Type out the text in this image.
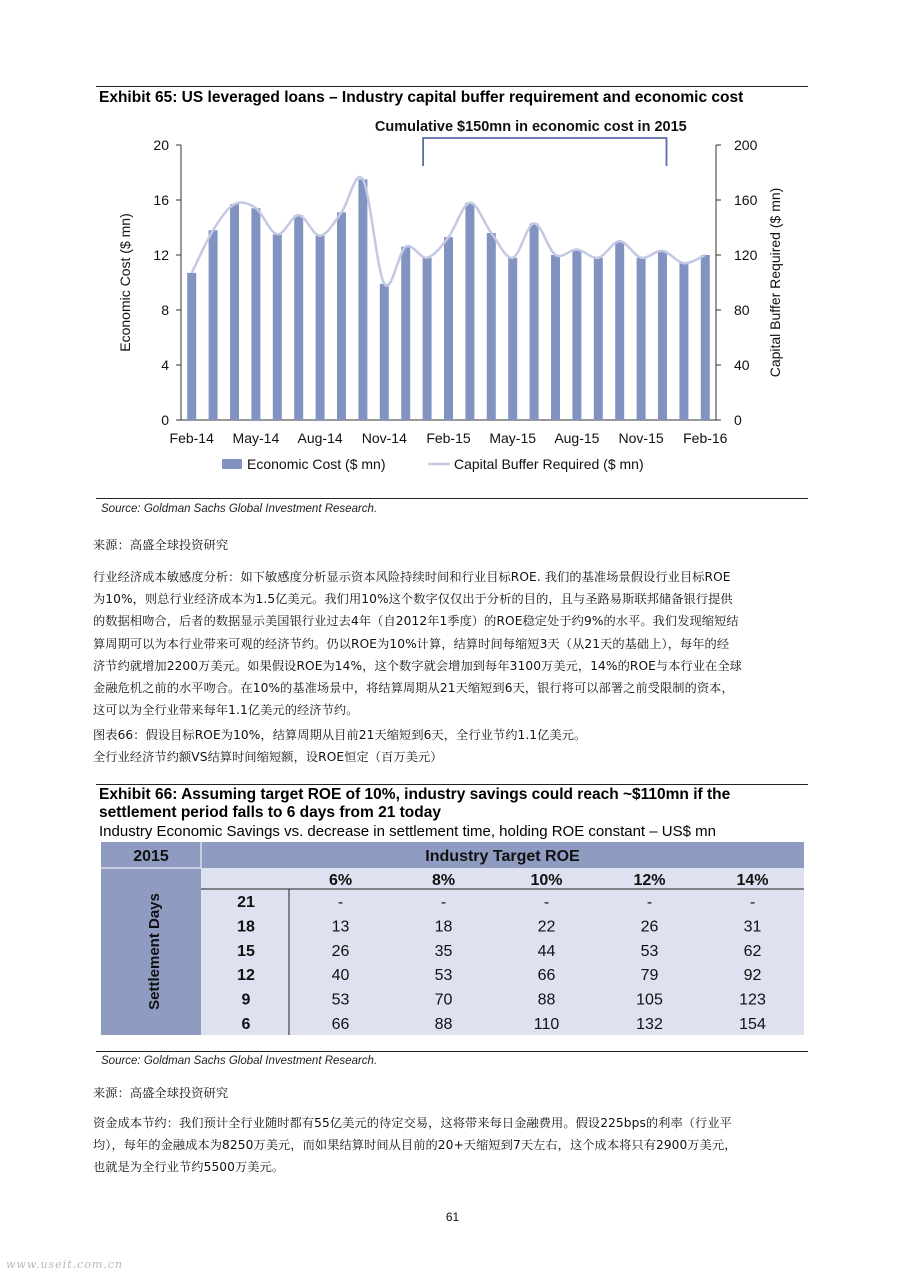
Exhibit 65: US leveraged loans – Industry capital buffer requirement and economic cost
0
4
8
12
16
20
0
40
80
120
160
200
Economic Cost ($ mn)	Capital Buffer Required ($ mn)
Feb-14 May-14 Aug-14 Nov-14 Feb-15 May-15 Aug-15 Nov-15 Feb-16
Cumulative $150mn in economic cost in 2015
Economic Cost ($ mn)	Capital Buffer Required ($ mn)
Source: Goldman Sachs Global Investment Research.
来源：高盛全球投资研究

行业经济成本敏感度分析：如下敏感度分析显示资本风险持续时间和行业目标ROE. 我们的基准场景假设行业目标ROE

为10%，则总行业经济成本为1.5亿美元。我们用10%这个数字仅仅出于分析的目的，且与圣路易斯联邦储备银行提供

的数据相吻合，后者的数据显示美国银行业过去4年（自2012年1季度）的ROE稳定处于约9%的水平。我们发现缩短结

算周期可以为本行业带来可观的经济节约。仍以ROE为10%计算，结算时间每缩短3天（从21天的基础上），每年的经

济节约就增加2200万美元。如果假设ROE为14%，这个数字就会增加到每年3100万美元，14%的ROE与本行业在全球

金融危机之前的水平吻合。在10%的基准场景中，将结算周期从21天缩短到6天，银行将可以部署之前受限制的资本，

这可以为全行业带来每年1.1亿美元的经济节约。

图表66：假设目标ROE为10%，结算周期从目前21天缩短到6天，全行业节约1.1亿美元。

全行业经济节约额VS结算时间缩短额，设ROE恒定（百万美元）

Exhibit 66: Assuming target ROE of 10%, industry savings could reach ~$110mn if the
settlement period falls to 6 days from 21 today
Industry Economic Savings vs. decrease in settlement time, holding ROE constant – US$ mn
2015	Industry Target ROE
Settlement Days
6%	8%	10%	12%	14%
21	-	-	-	-	-
18	13	18	22	26	31
15	26	35	44	53	62
12	40	53	66	79	92
9	53	70	88	105	123
6	66	88	110	132	154
Source: Goldman Sachs Global Investment Research.
来源：高盛全球投资研究

资金成本节约：我们预计全行业随时都有55亿美元的待定交易，这将带来每日金融费用。假设225bps的利率（行业平

均），每年的金融成本为8250万美元，而如果结算时间从目前的20+天缩短到7天左右，这个成本将只有2900万美元，

也就是为全行业节约5500万美元。

61
www.useit.com.cn
